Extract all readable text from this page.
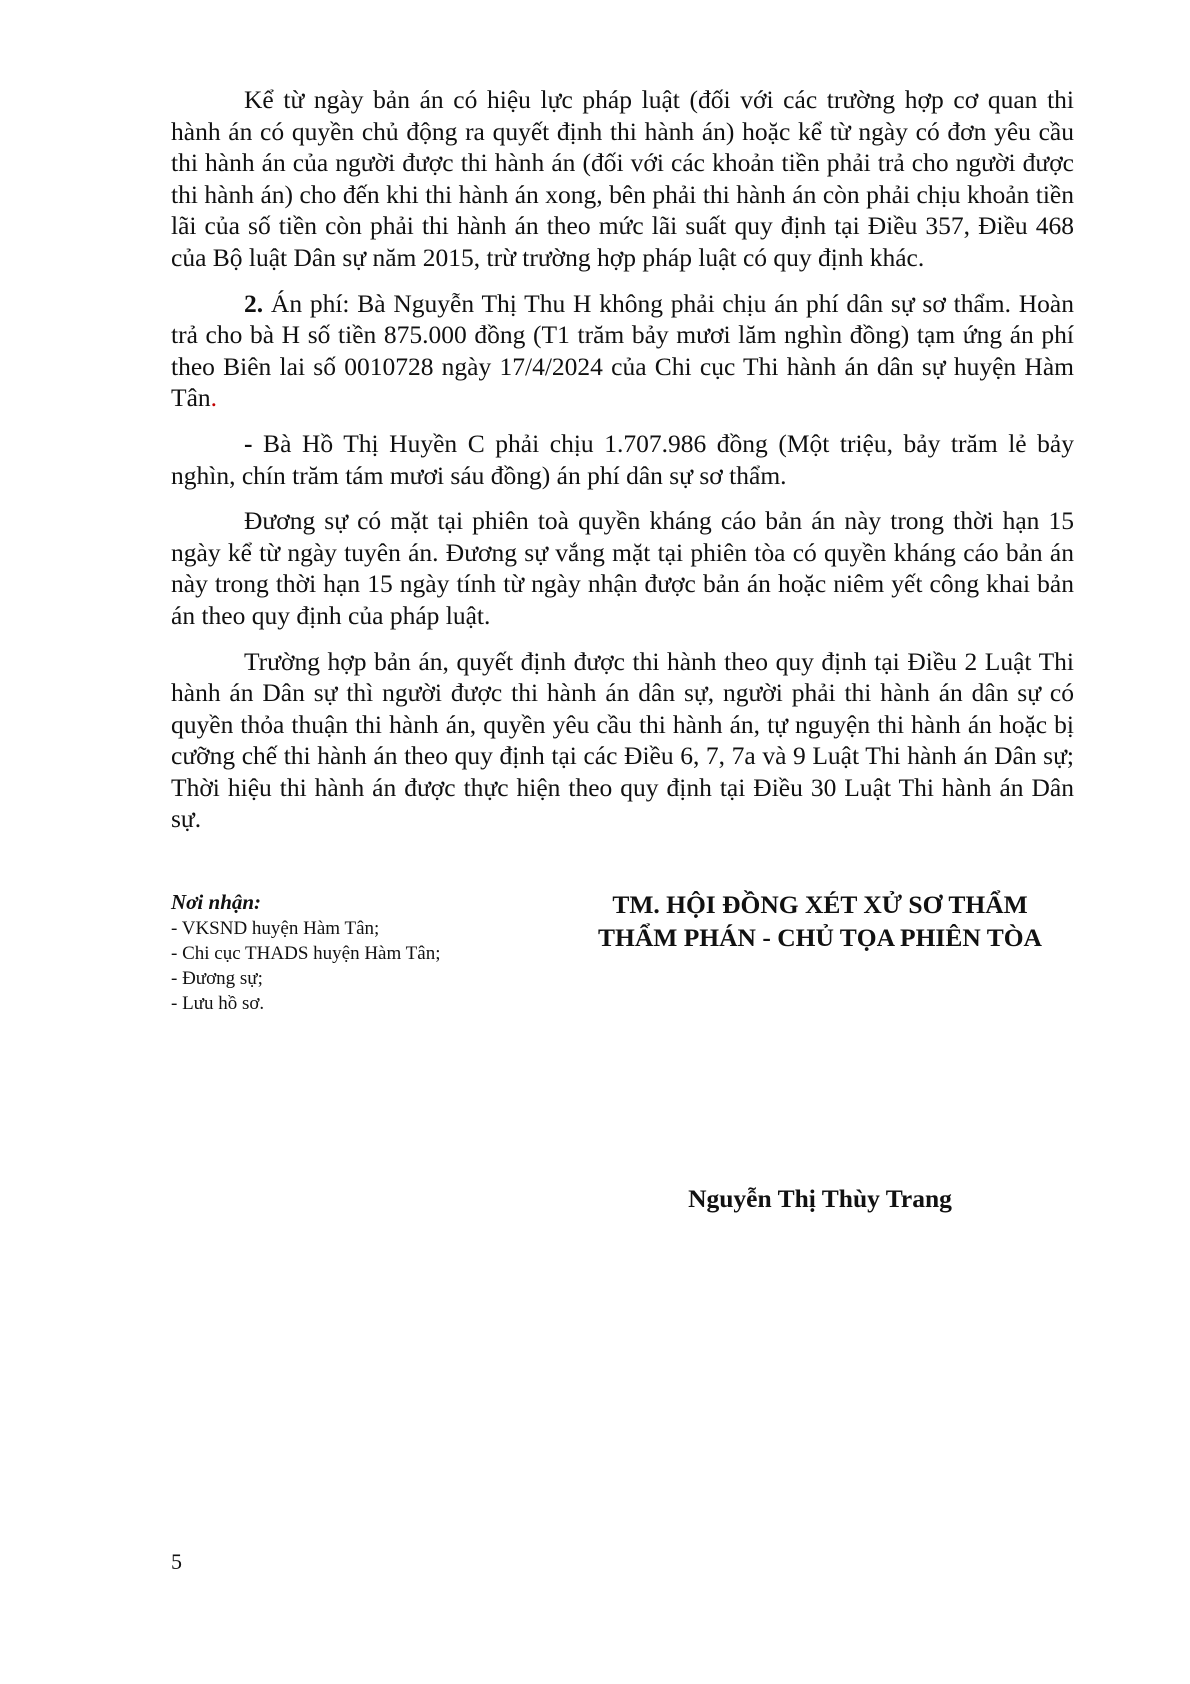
Kể từ ngày bản án có hiệu lực pháp luật (đối với các trường hợp cơ quan thi hành án có quyền chủ động ra quyết định thi hành án) hoặc kể từ ngày có đơn yêu cầu thi hành án của người được thi hành án (đối với các khoản tiền phải trả cho người được thi hành án) cho đến khi thi hành án xong, bên phải thi hành án còn phải chịu khoản tiền lãi của số tiền còn phải thi hành án theo mức lãi suất quy định tại Điều 357, Điều 468 của Bộ luật Dân sự năm 2015, trừ trường hợp pháp luật có quy định khác.

2. Án phí: Bà Nguyễn Thị Thu H không phải chịu án phí dân sự sơ thẩm. Hoàn trả cho bà H số tiền 875.000 đồng (T1 trăm bảy mươi lăm nghìn đồng) tạm ứng án phí theo Biên lai số 0010728 ngày 17/4/2024 của Chi cục Thi hành án dân sự huyện Hàm Tân.

- Bà Hồ Thị Huyền C phải chịu 1.707.986 đồng (Một triệu, bảy trăm lẻ bảy nghìn, chín trăm tám mươi sáu đồng) án phí dân sự sơ thẩm.

Đương sự có mặt tại phiên toà quyền kháng cáo bản án này trong thời hạn 15 ngày kể từ ngày tuyên án. Đương sự vắng mặt tại phiên tòa có quyền kháng cáo bản án này trong thời hạn 15 ngày tính từ ngày nhận được bản án hoặc niêm yết công khai bản án theo quy định của pháp luật.

Trường hợp bản án, quyết định được thi hành theo quy định tại Điều 2 Luật Thi hành án Dân sự thì người được thi hành án dân sự, người phải thi hành án dân sự có quyền thỏa thuận thi hành án, quyền yêu cầu thi hành án, tự nguyện thi hành án hoặc bị cưỡng chế thi hành án theo quy định tại các Điều 6, 7, 7a và 9 Luật Thi hành án Dân sự; Thời hiệu thi hành án được thực hiện theo quy định tại Điều 30 Luật Thi hành án Dân sự.

Nơi nhận:
- VKSND huyện Hàm Tân;
- Chi cục THADS huyện Hàm Tân;
- Đương sự;
- Lưu hồ sơ.
TM. HỘI ĐỒNG XÉT XỬ SƠ THẨM
THẨM PHÁN - CHỦ TỌA PHIÊN TÒA
Nguyễn Thị Thùy Trang
5
